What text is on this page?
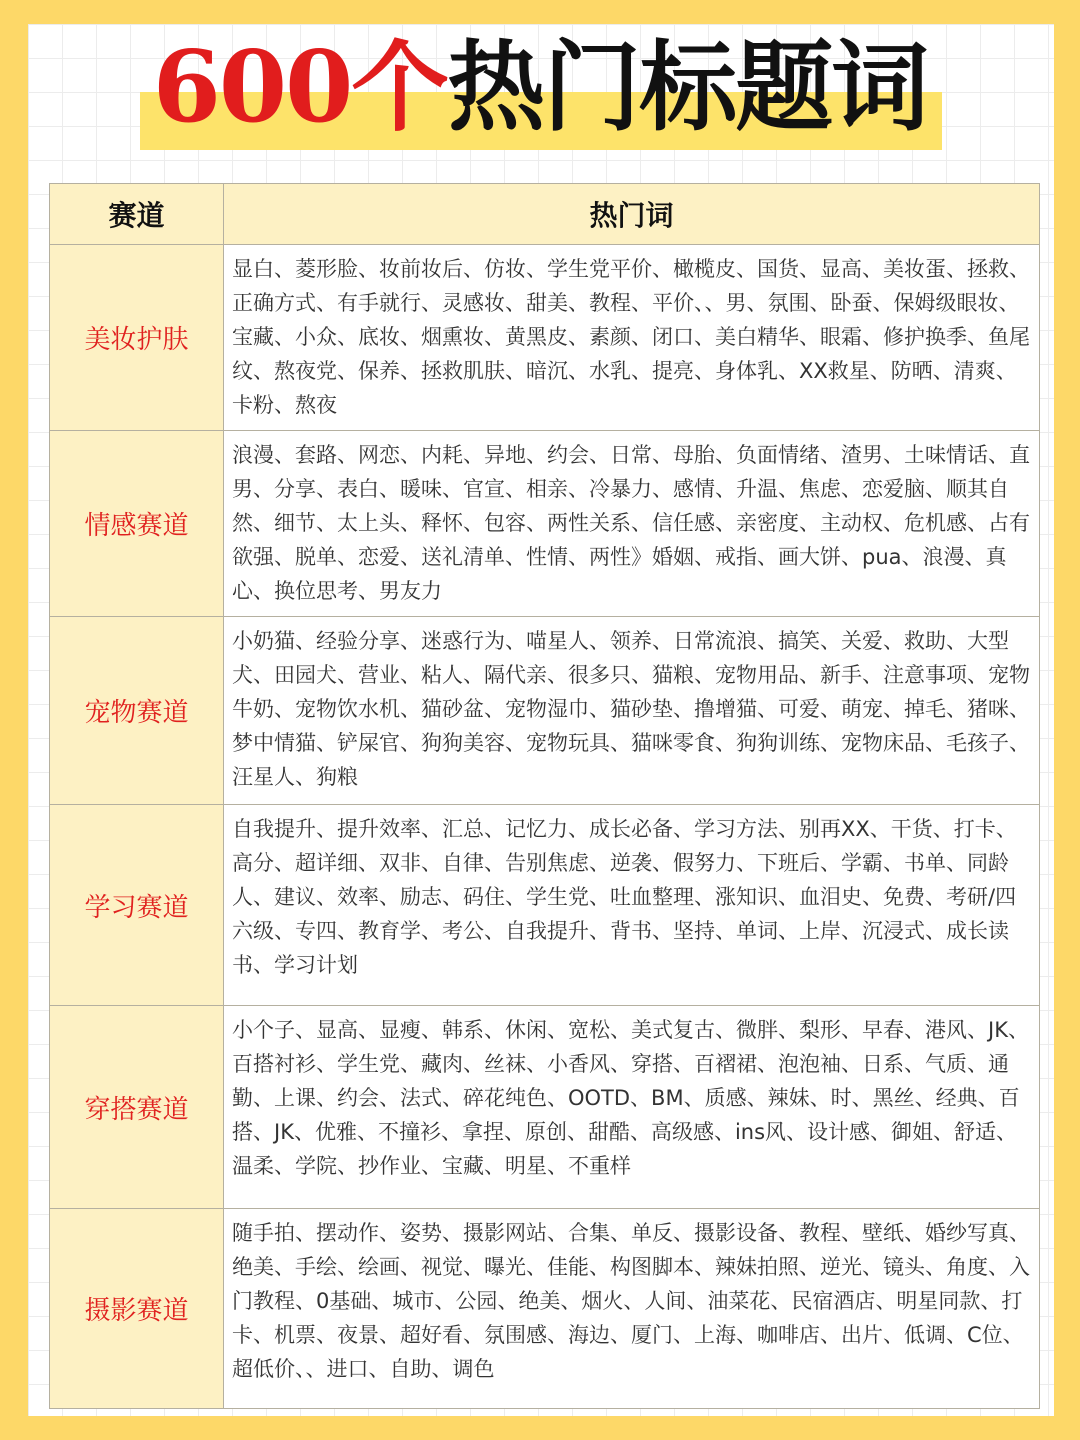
600个热门标题词
赛道	热门词
美妆护肤	显白、菱形脸、妆前妆后、仿妆、学生党平价、橄榄皮、国货、显高、美妆蛋、拯救、正确方式、有手就行、灵感妆、甜美、教程、平价、、男、氛围、卧蚕、保姆级眼妆、宝藏、小众、底妆、烟熏妆、黄黑皮、素颜、闭口、美白精华、眼霜、修护换季、鱼尾纹、熬夜党、保养、拯救肌肤、暗沉、水乳、提亮、身体乳、XX救星、防晒、清爽、卡粉、熬夜
情感赛道	浪漫、套路、网恋、内耗、异地、约会、日常、母胎、负面情绪、渣男、土味情话、直男、分享、表白、暖味、官宣、相亲、冷暴力、感情、升温、焦虑、恋爱脑、顺其自然、细节、太上头、释怀、包容、两性关系、信任感、亲密度、主动权、危机感、占有欲强、脱单、恋爱、送礼清单、性情、两性》婚姻、戒指、画大饼、pua、浪漫、真心、换位思考、男友力
宠物赛道	小奶猫、经验分享、迷惑行为、喵星人、领养、日常流浪、搞笑、关爱、救助、大型犬、田园犬、营业、粘人、隔代亲、很多只、猫粮、宠物用品、新手、注意事项、宠物牛奶、宠物饮水机、猫砂盆、宠物湿巾、猫砂垫、撸增猫、可爱、萌宠、掉毛、猪咪、梦中情猫、铲屎官、狗狗美容、宠物玩具、猫咪零食、狗狗训练、宠物床品、毛孩子、汪星人、狗粮
学习赛道	自我提升、提升效率、汇总、记忆力、成长必备、学习方法、别再XX、干货、打卡、高分、超详细、双非、自律、告别焦虑、逆袭、假努力、下班后、学霸、书单、同龄人、建议、效率、励志、码住、学生党、吐血整理、涨知识、血泪史、免费、考研/四六级、专四、教育学、考公、自我提升、背书、坚持、单词、上岸、沉浸式、成长读书、学习计划
穿搭赛道	小个子、显高、显瘦、韩系、休闲、宽松、美式复古、微胖、梨形、早春、港风、JK、百搭衬衫、学生党、藏肉、丝袜、小香风、穿搭、百褶裙、泡泡袖、日系、气质、通勤、上课、约会、法式、碎花纯色、OOTD、BM、质感、辣妹、时、黑丝、经典、百搭、JK、优雅、不撞衫、拿捏、原创、甜酷、高级感、ins风、设计感、御姐、舒适、温柔、学院、抄作业、宝藏、明星、不重样
摄影赛道	随手拍、摆动作、姿势、摄影网站、合集、单反、摄影设备、教程、壁纸、婚纱写真、绝美、手绘、绘画、视觉、曝光、佳能、构图脚本、辣妹拍照、逆光、镜头、角度、入门教程、0基础、城市、公园、绝美、烟火、人间、油菜花、民宿酒店、明星同款、打卡、机票、夜景、超好看、氛围感、海边、厦门、上海、咖啡店、出片、低调、C位、超低价、、进口、自助、调色
